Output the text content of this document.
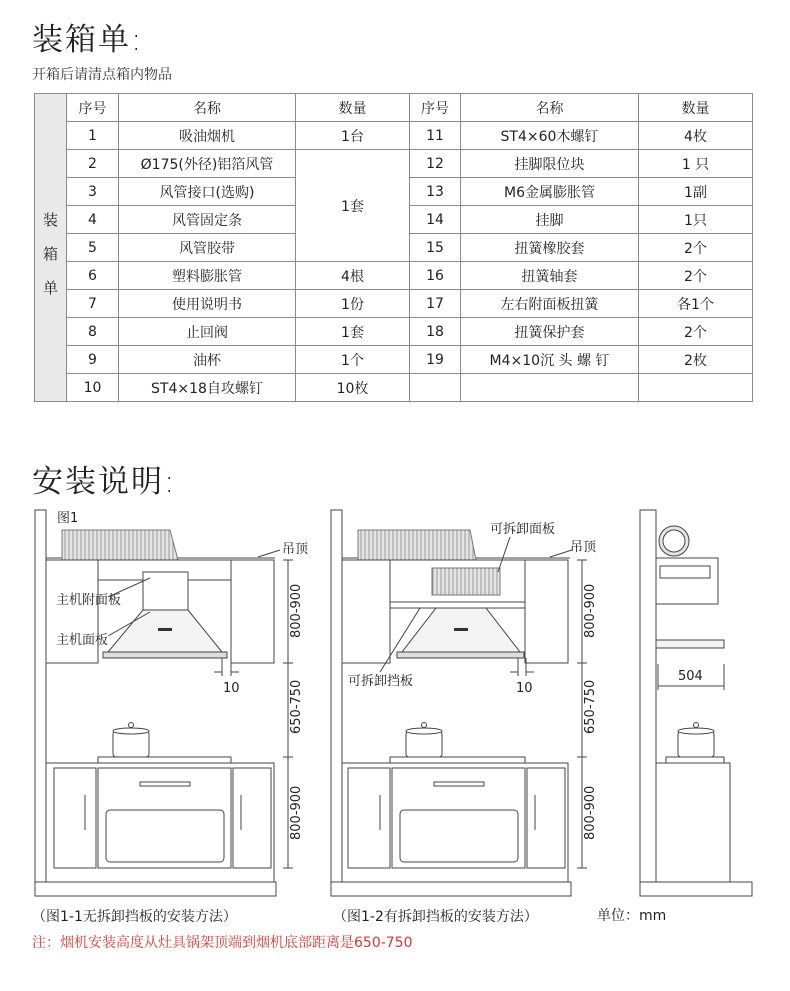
装箱单:
开箱后请清点箱内物品
装
箱
单	序号	名称	数量	序号	名称	数量
	1	吸油烟机	1台	11	ST4×60木螺钉	4枚
	2	Ø175(外径)铝箔风管	1套	12	挂脚限位块	1 只
	3	风管接口(选购)		13	M6金属膨胀管	1副
	4	风管固定条		14	挂脚	1只
	5	风管胶带		15	扭簧橡胶套	2个
	6	塑料膨胀管	4根	16	扭簧轴套	2个
	7	使用说明书	1份	17	左右附面板扭簧	各1个
	8	止回阀	1套	18	扭簧保护套	2个
	9	油杯	1个	19	M4×10沉 头 螺 钉	2枚
	10	ST4×18自攻螺钉	10枚			
安装说明:
图1
吊顶
主机附面板
主机面板
10
800-900
650-750
800-900
可拆卸面板
吊顶
可拆卸挡板	10
800-900
650-750
800-900
504
（图1-1无拆卸挡板的安装方法）	（图1-2有拆卸挡板的安装方法）	单位：mm
注：烟机安装高度从灶具锅架顶端到烟机底部距离是650-750
